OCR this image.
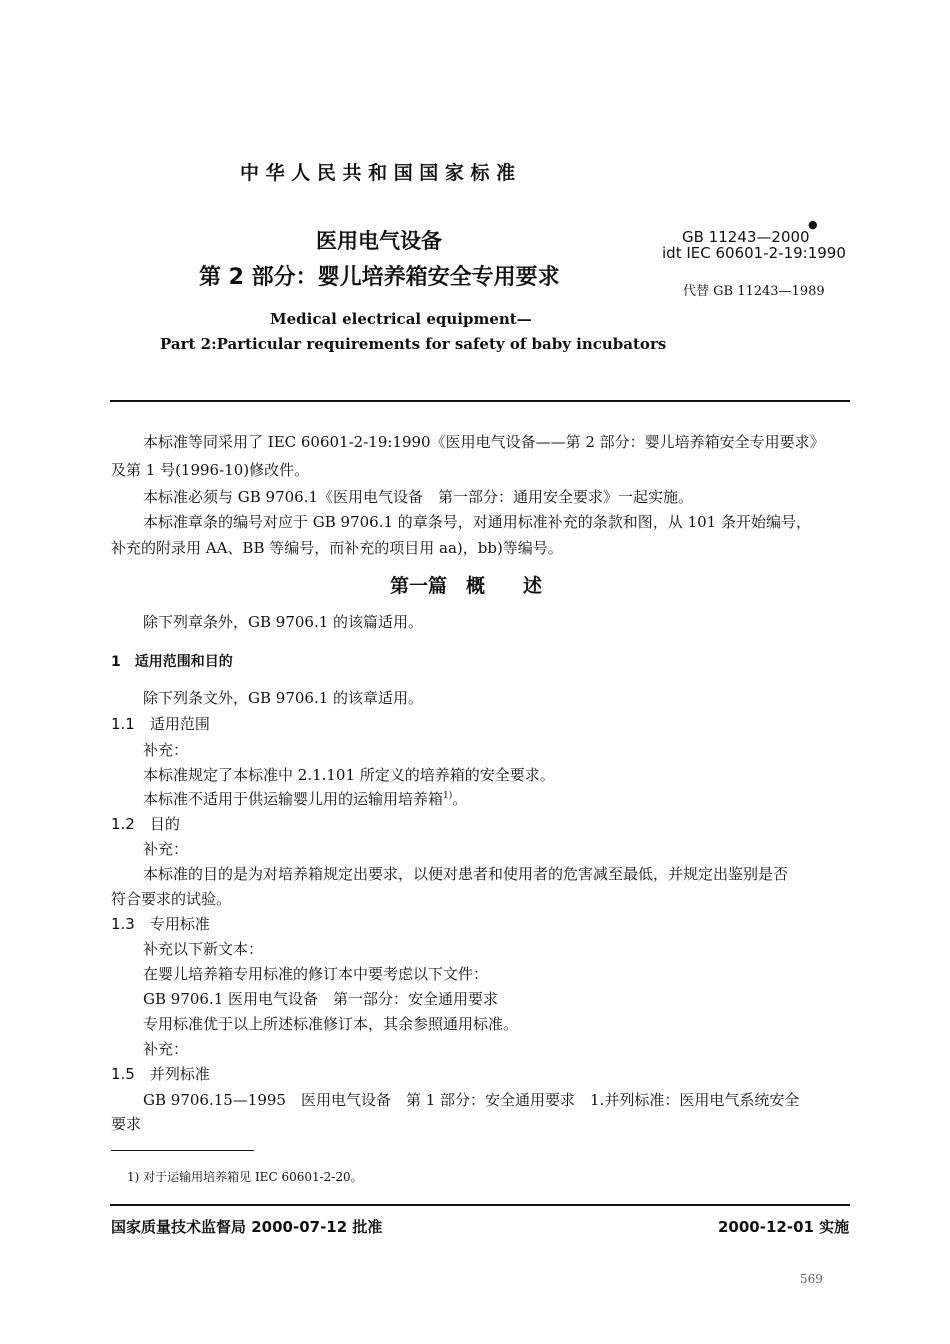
中 华 人 民 共 和 国 国 家 标 准
医用电气设备
第 2 部分：婴儿培养箱安全专用要求
GB 11243—2000
●
idt IEC 60601-2-19:1990
代替 GB 11243—1989
Medical electrical equipment—
Part 2:Particular requirements for safety of baby incubators
本标准等同采用了 IEC 60601-2-19:1990《医用电气设备——第 2 部分：婴儿培养箱安全专用要求》
及第 1 号(1996-10)修改件。
本标准必须与 GB 9706.1《医用电气设备　第一部分：通用安全要求》一起实施。
本标准章条的编号对应于 GB 9706.1 的章条号，对通用标准补充的条款和图，从 101 条开始编号，
补充的附录用 AA、BB 等编号，而补充的项目用 aa)，bb)等编号。
第一篇　概　　述
除下列章条外，GB 9706.1 的该篇适用。
1　适用范围和目的
除下列条文外，GB 9706.1 的该章适用。
1.1　适用范围
补充：
本标准规定了本标准中 2.1.101 所定义的培养箱的安全要求。
本标准不适用于供运输婴儿用的运输用培养箱$^{1)}$。
1.2　目的
补充：
本标准的目的是为对培养箱规定出要求，以便对患者和使用者的危害减至最低，并规定出鉴别是否
符合要求的试验。
1.3　专用标准
补充以下新文本：
在婴儿培养箱专用标准的修订本中要考虑以下文件：
GB 9706.1 医用电气设备　第一部分：安全通用要求
专用标准优于以上所述标准修订本，其余参照通用标准。
补充：
1.5　并列标准
GB 9706.15—1995　医用电气设备　第 1 部分：安全通用要求　1.并列标准：医用电气系统安全
要求
1) 对于运输用培养箱见 IEC 60601-2-20。
国家质量技术监督局 2000-07-12 批准	2000-12-01 实施
569
